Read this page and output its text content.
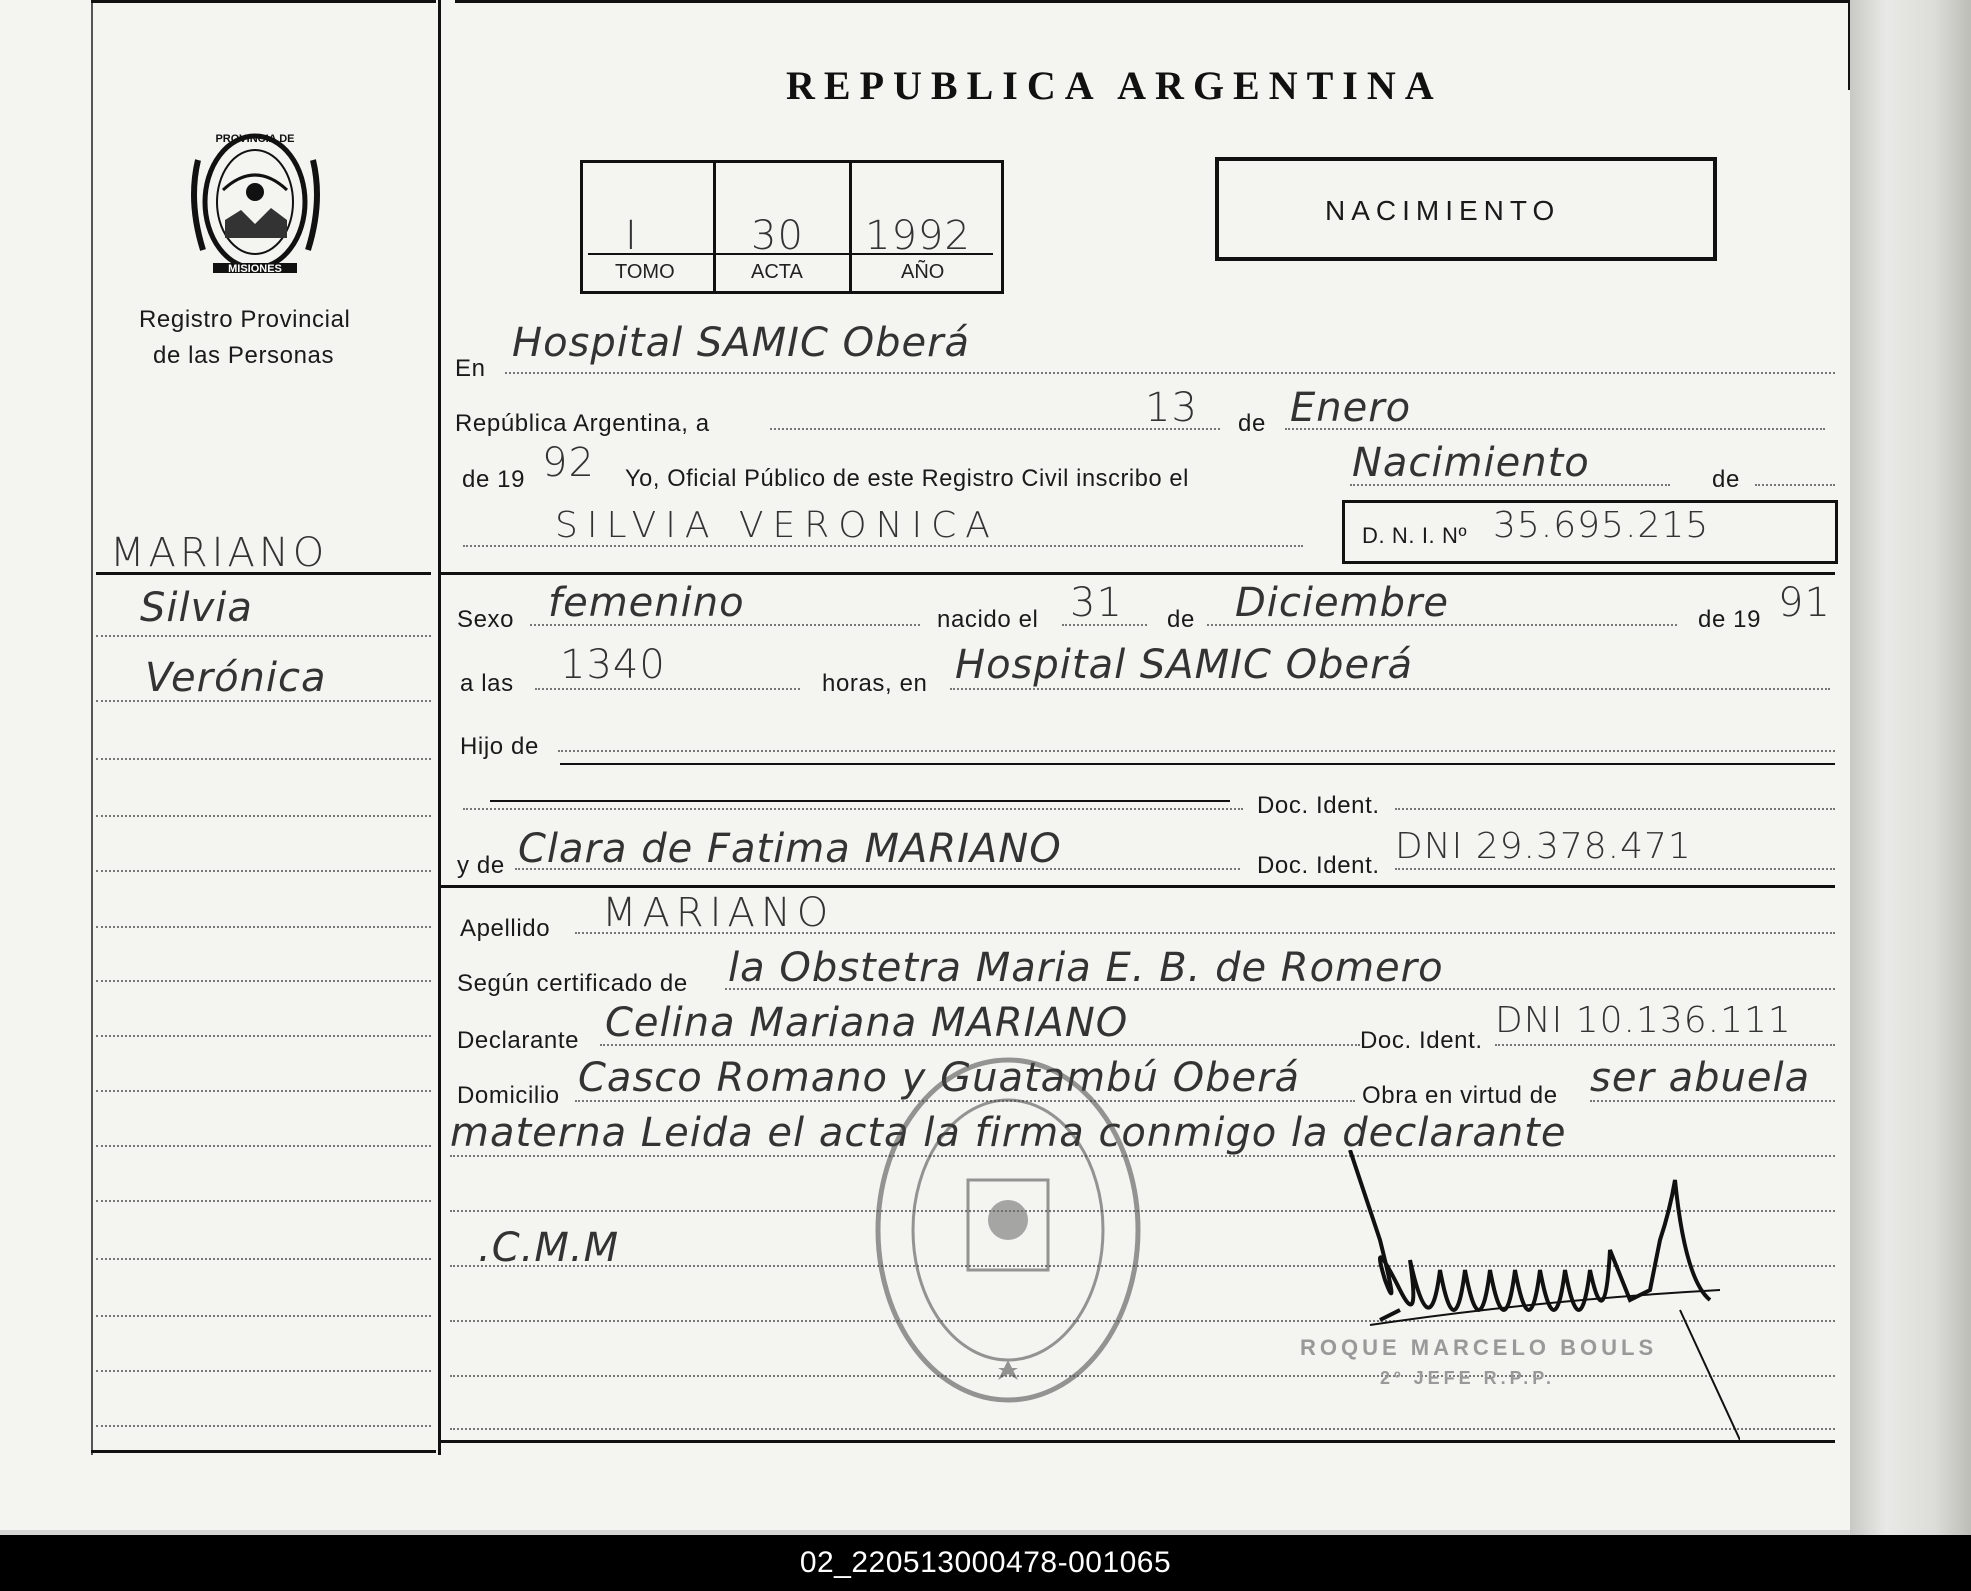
PROVINCIA DE
MISIONES
Registro Provincial
de las Personas
REPUBLICA ARGENTINA
I	30 1992
TOMO	ACTA	AÑO
NACIMIENTO
MARIANO
Silvia
Verónica
En
Hospital SAMIC Oberá
República Argentina, a	13 de Enero
de 19 92 Yo, Oficial Público de este Registro Civil inscribo el	Nacimiento	de
SILVIA VERONICA	D. N. I. Nº 35.695.215
Sexo femenino	nacido el 31 de Diciembre	de 19 91
a las 1340	horas, en Hospital SAMIC Oberá
Hijo de
Doc. Ident.
y de Clara de Fatima MARIANO	Doc. Ident. DNI 29.378.471
Apellido MARIANO
Según certificado de la Obstetra Maria E. B. de Romero
Declarante Celina Mariana MARIANO	Doc. Ident. DNI 10.136.111
Domicilio Casco Romano y Guatambú Oberá	Obra en virtud de ser abuela
materna Leida el acta la firma conmigo la declarante
.C.M.M
ROQUE MARCELO BOULS
2º JEFE R.P.P.
02_220513000478-001065
